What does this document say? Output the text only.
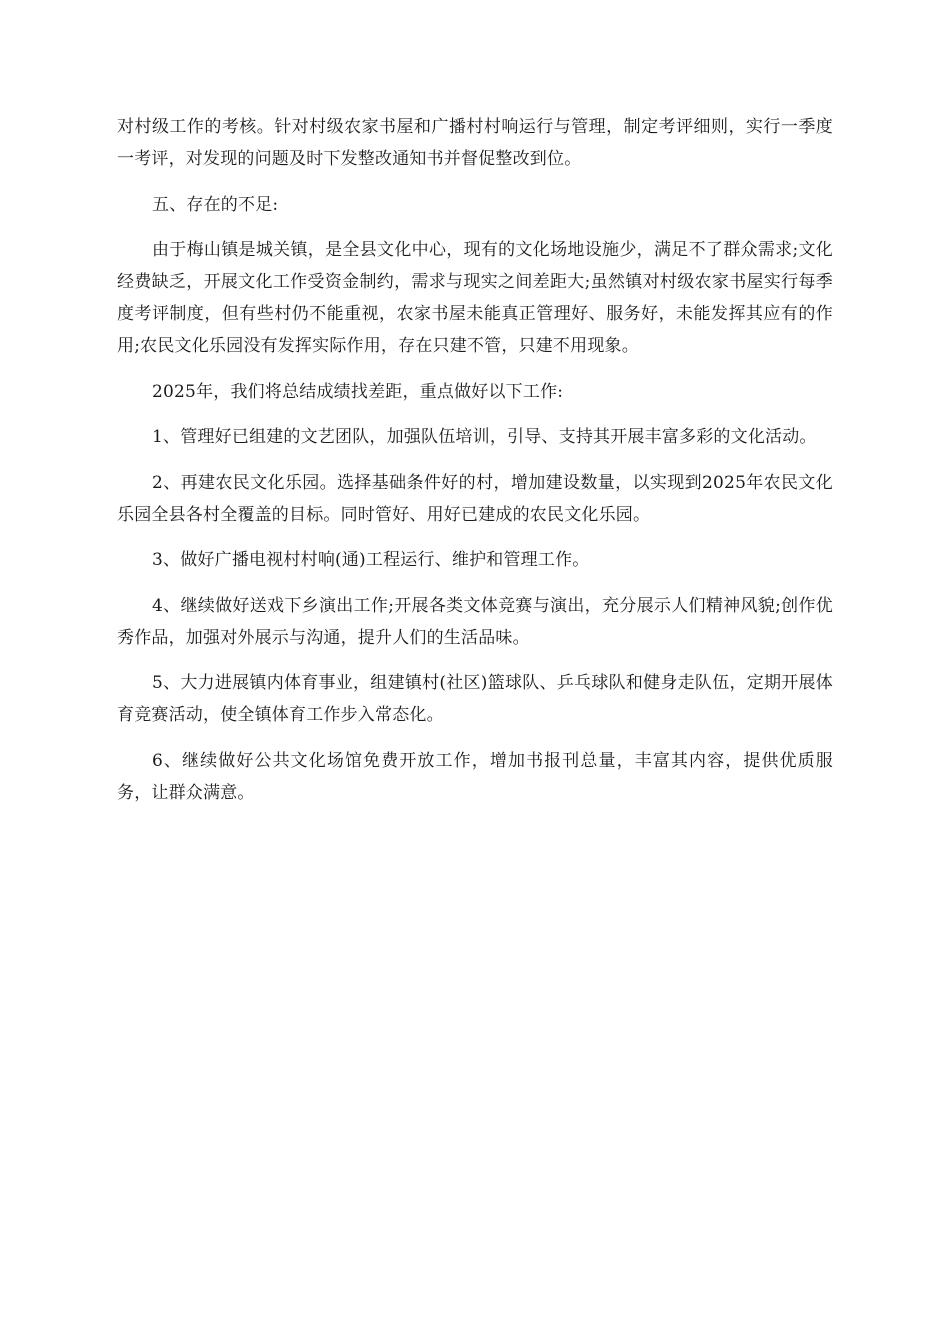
对村级工作的考核。针对村级农家书屋和广播村村响运行与管理，制定考评细则，实行一季度一考评，对发现的问题及时下发整改通知书并督促整改到位。

五、存在的不足:

由于梅山镇是城关镇，是全县文化中心，现有的文化场地设施少，满足不了群众需求;文化经费缺乏，开展文化工作受资金制约，需求与现实之间差距大;虽然镇对村级农家书屋实行每季度考评制度，但有些村仍不能重视，农家书屋未能真正管理好、服务好，未能发挥其应有的作用;农民文化乐园没有发挥实际作用，存在只建不管，只建不用现象。

2025年，我们将总结成绩找差距，重点做好以下工作:

1、管理好已组建的文艺团队，加强队伍培训，引导、支持其开展丰富多彩的文化活动。

2、再建农民文化乐园。选择基础条件好的村，增加建设数量，以实现到2025年农民文化乐园全县各村全覆盖的目标。同时管好、用好已建成的农民文化乐园。

3、做好广播电视村村响(通)工程运行、维护和管理工作。

4、继续做好送戏下乡演出工作;开展各类文体竞赛与演出，充分展示人们精神风貌;创作优秀作品，加强对外展示与沟通，提升人们的生活品味。

5、大力进展镇内体育事业，组建镇村(社区)篮球队、乒乓球队和健身走队伍，定期开展体育竞赛活动，使全镇体育工作步入常态化。

6、继续做好公共文化场馆免费开放工作，增加书报刊总量，丰富其内容，提供优质服务，让群众满意。
